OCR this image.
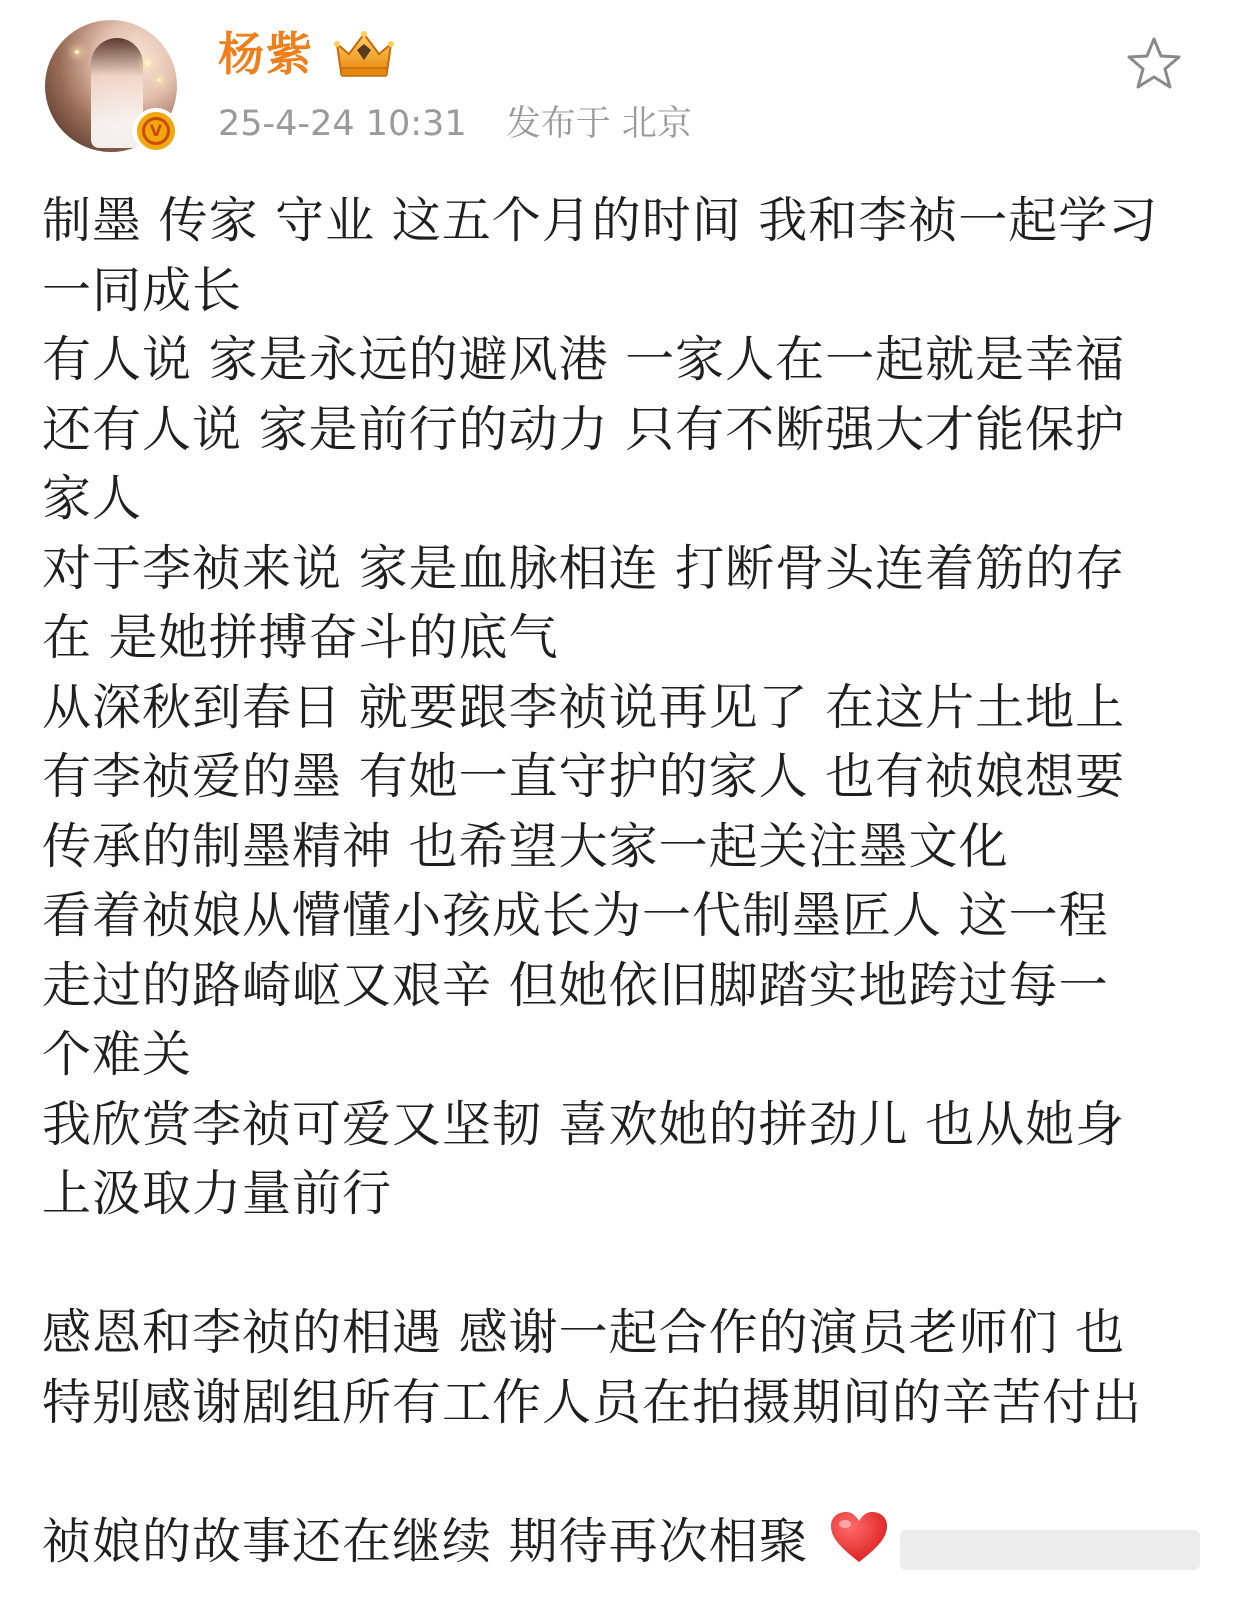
V
杨紫
25-4-24 10:31 发布于 北京
制墨 传家 守业 这五个月的时间 我和李祯一起学习
一同成长
有人说 家是永远的避风港 一家人在一起就是幸福
还有人说 家是前行的动力 只有不断强大才能保护
家人
对于李祯来说 家是血脉相连 打断骨头连着筋的存
在 是她拼搏奋斗的底气
从深秋到春日 就要跟李祯说再见了 在这片土地上
有李祯爱的墨 有她一直守护的家人 也有祯娘想要
传承的制墨精神 也希望大家一起关注墨文化
看着祯娘从懵懂小孩成长为一代制墨匠人 这一程
走过的路崎岖又艰辛 但她依旧脚踏实地跨过每一
个难关
我欣赏李祯可爱又坚韧 喜欢她的拼劲儿 也从她身
上汲取力量前行
感恩和李祯的相遇 感谢一起合作的演员老师们 也
特别感谢剧组所有工作人员在拍摄期间的辛苦付出
祯娘的故事还在继续 期待再次相聚
